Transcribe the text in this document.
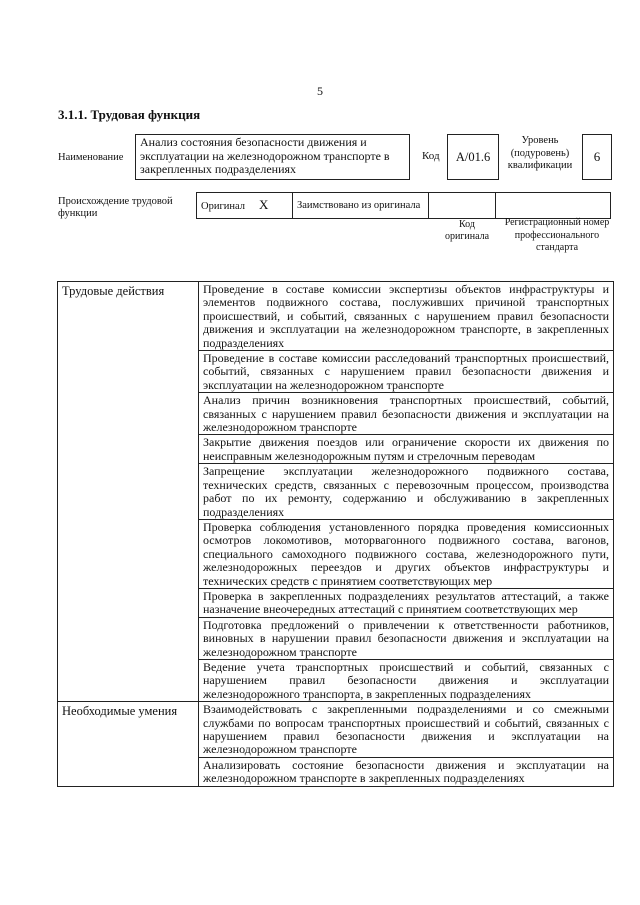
5
3.1.1. Трудовая функция
Наименование
Анализ состояния безопасности движения и эксплуатации на железнодорожном транспорте в закрепленных подразделениях
Код	А/01.6
Уровень (подуровень) квалификации
6
Происхождение трудовой функции
Оригинал Х	Заимствовано из оригинала		
Код оригинала
Регистрационный номер профессионального стандарта
Трудовые действия	Проведение в составе комиссии экспертизы объектов инфраструктуры и элементов подвижного состава, послуживших причиной транспортных происшествий, и событий, связанных с нарушением правил безопасности движения и эксплуатации на железнодорожном транспорте, в закрепленных подразделениях
	Проведение в составе комиссии расследований транспортных происшествий, событий, связанных с нарушением правил безопасности движения и эксплуатации на железнодорожном транспорте
	Анализ причин возникновения транспортных происшествий, событий, связанных с нарушением правил безопасности движения и эксплуатации на железнодорожном транспорте
	Закрытие движения поездов или ограничение скорости их движения по неисправным железнодорожным путям и стрелочным переводам
	Запрещение эксплуатации железнодорожного подвижного состава, технических средств, связанных с перевозочным процессом, производства работ по их ремонту, содержанию и обслуживанию в закрепленных подразделениях
	Проверка соблюдения установленного порядка проведения комиссионных осмотров локомотивов, моторвагонного подвижного состава, вагонов, специального самоходного подвижного состава, железнодорожного пути, железнодорожных переездов и других объектов инфраструктуры и технических средств с принятием соответствующих мер
	Проверка в закрепленных подразделениях результатов аттестаций, а также назначение внеочередных аттестаций с принятием соответствующих мер
	Подготовка предложений о привлечении к ответственности работников, виновных в нарушении правил безопасности движения и эксплуатации на железнодорожном транспорте
	Ведение учета транспортных происшествий и событий, связанных с нарушением правил безопасности движения и эксплуатации железнодорожного транспорта, в закрепленных подразделениях
Необходимые умения	Взаимодействовать с закрепленными подразделениями и со смежными службами по вопросам транспортных происшествий и событий, связанных с нарушением правил безопасности движения и эксплуатации на железнодорожном транспорте
	Анализировать состояние безопасности движения и эксплуатации на железнодорожном транспорте в закрепленных подразделениях
